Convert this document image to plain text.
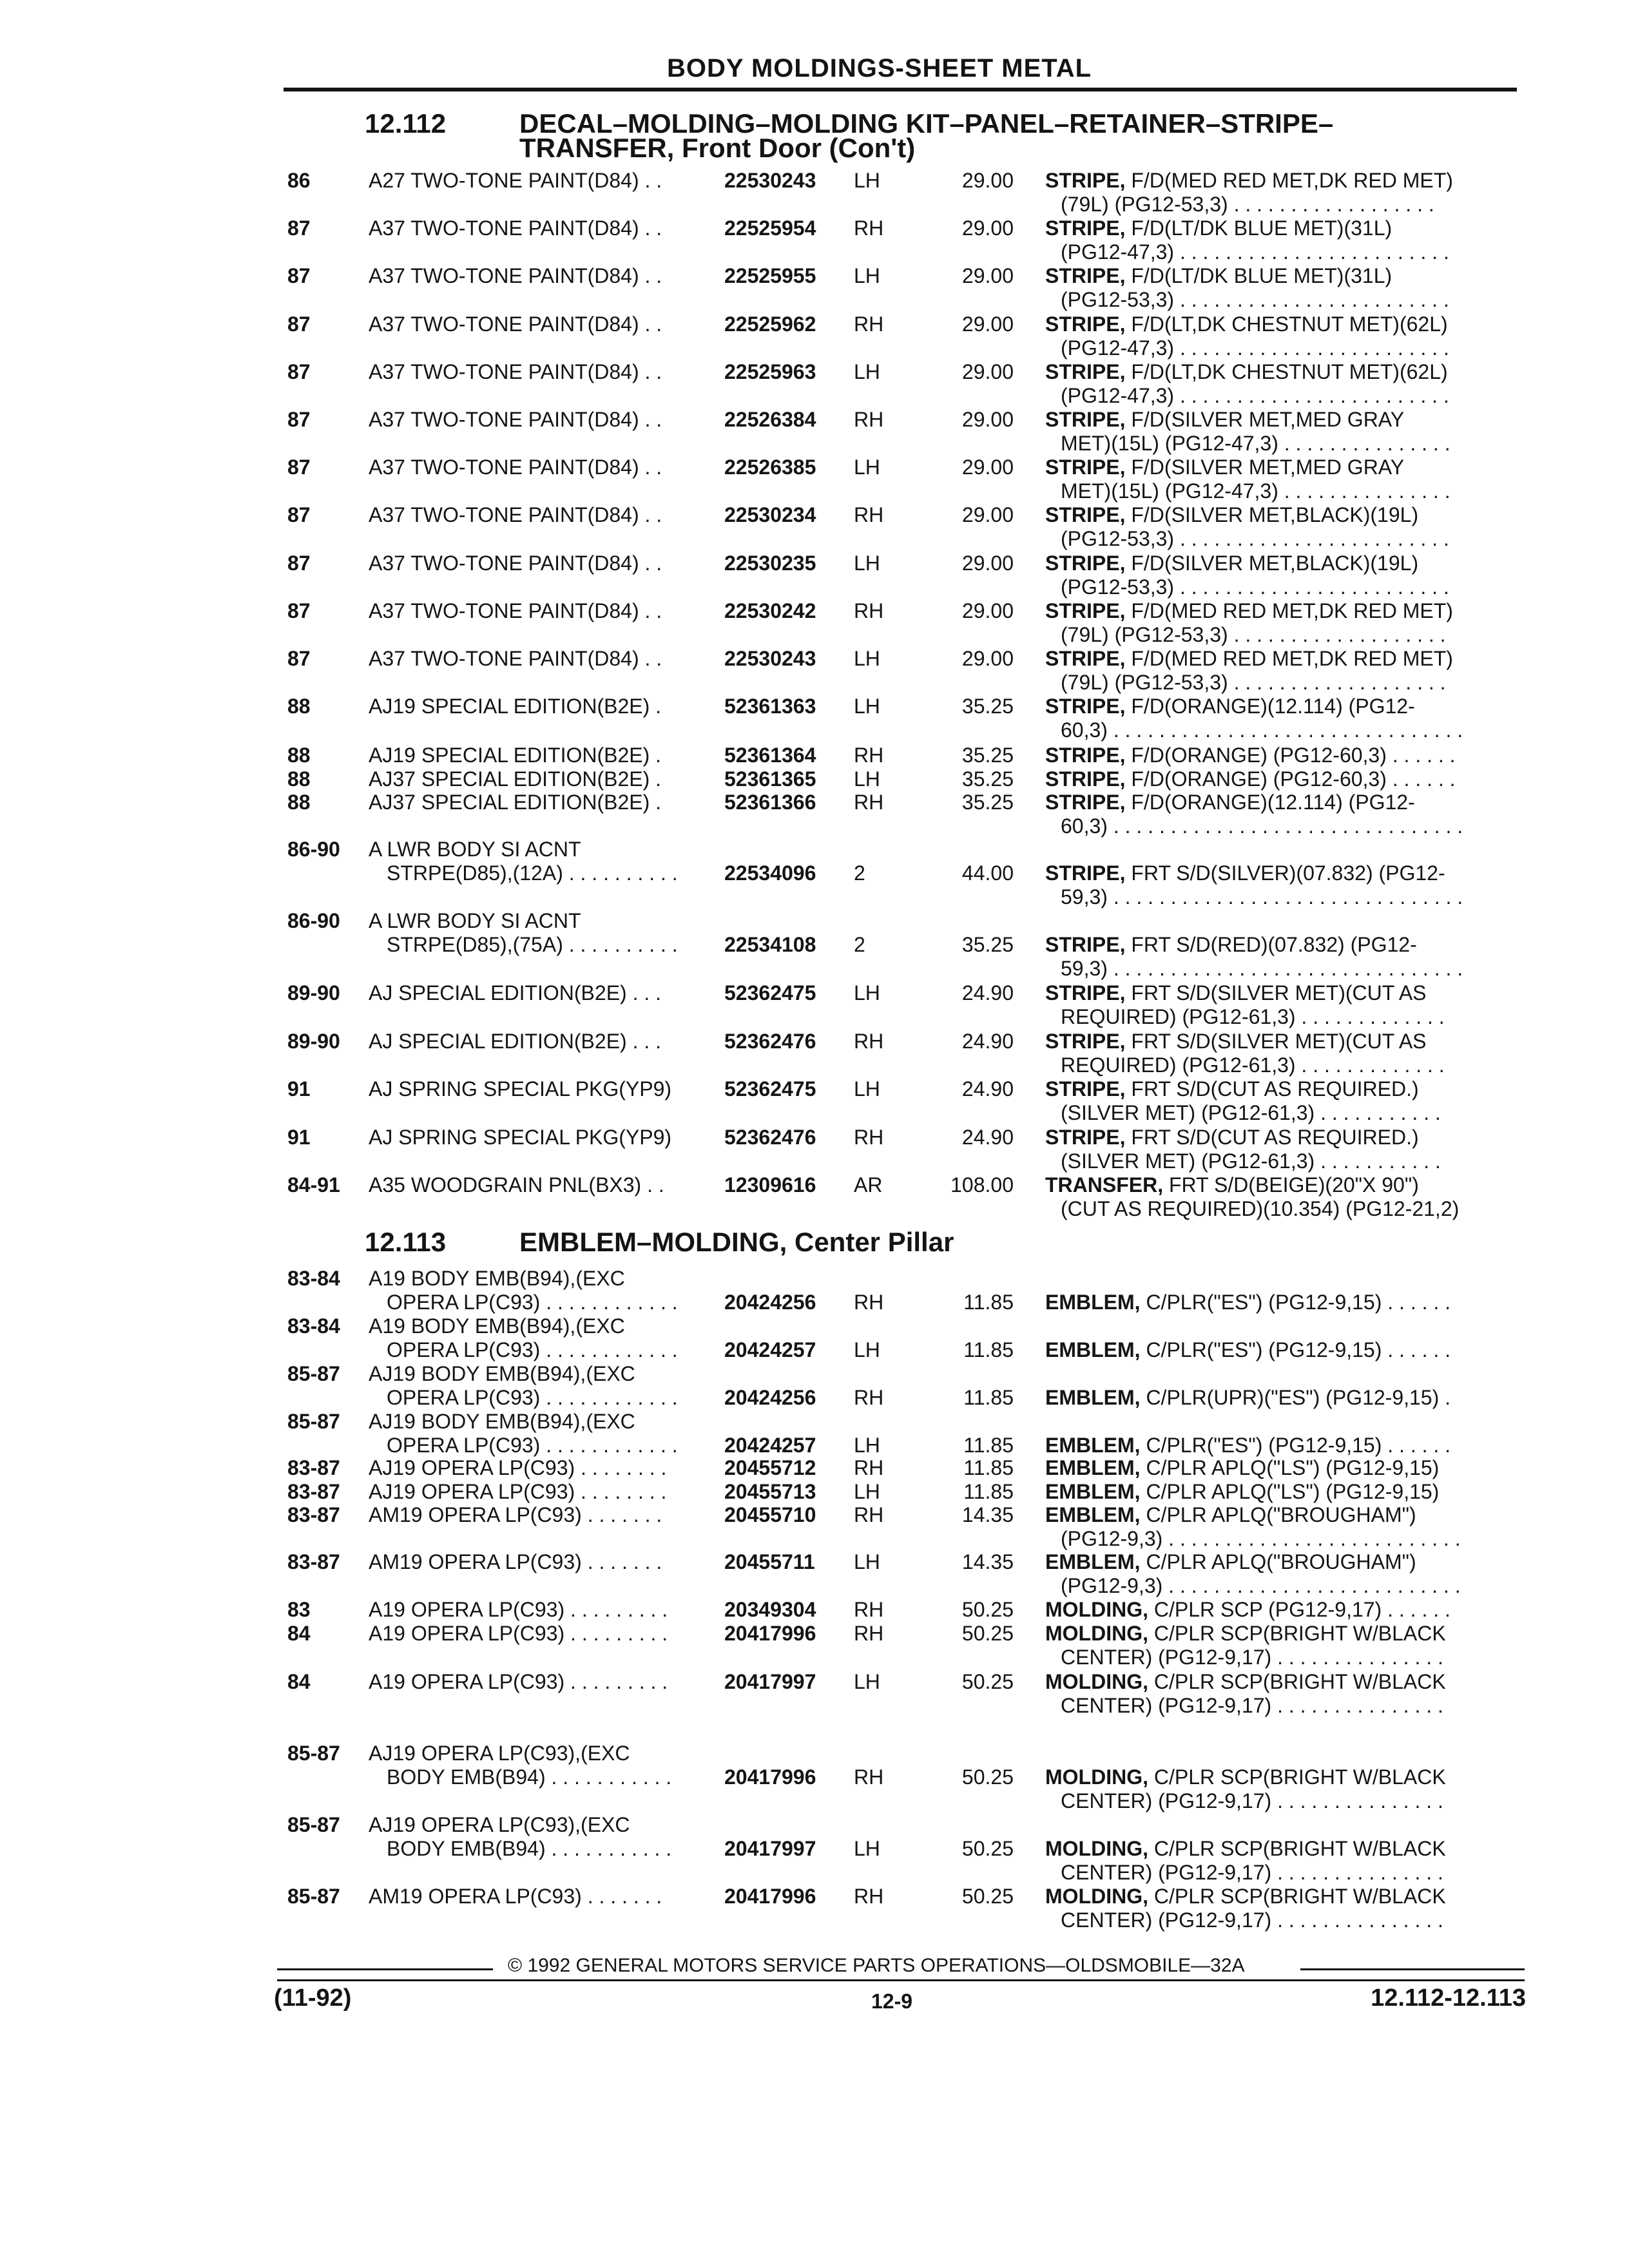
BODY MOLDINGS-SHEET METAL
12.112	DECAL–MOLDING–MOLDING KIT–PANEL–RETAINER–STRIPE–
TRANSFER, Front Door (Con't)
86	A27 TWO-TONE PAINT(D84) . .	22530243 LH	29.00 STRIPE, F/D(MED RED MET,DK RED MET)
(79L) (PG12-53,3) . . . . . . . . . . . . . . . . . .
87	A37 TWO-TONE PAINT(D84) . .	22525954 RH	29.00 STRIPE, F/D(LT/DK BLUE MET)(31L)
(PG12-47,3) . . . . . . . . . . . . . . . . . . . . . . . .
87	A37 TWO-TONE PAINT(D84) . .	22525955 LH	29.00 STRIPE, F/D(LT/DK BLUE MET)(31L)
(PG12-53,3) . . . . . . . . . . . . . . . . . . . . . . . .
87	A37 TWO-TONE PAINT(D84) . .	22525962 RH	29.00 STRIPE, F/D(LT,DK CHESTNUT MET)(62L)
(PG12-47,3) . . . . . . . . . . . . . . . . . . . . . . . .
87	A37 TWO-TONE PAINT(D84) . .	22525963 LH	29.00 STRIPE, F/D(LT,DK CHESTNUT MET)(62L)
(PG12-47,3) . . . . . . . . . . . . . . . . . . . . . . . .
87	A37 TWO-TONE PAINT(D84) . .	22526384 RH	29.00 STRIPE, F/D(SILVER MET,MED GRAY
MET)(15L) (PG12-47,3) . . . . . . . . . . . . . . .
87	A37 TWO-TONE PAINT(D84) . .	22526385 LH	29.00 STRIPE, F/D(SILVER MET,MED GRAY
MET)(15L) (PG12-47,3) . . . . . . . . . . . . . . .
87	A37 TWO-TONE PAINT(D84) . .	22530234 RH	29.00 STRIPE, F/D(SILVER MET,BLACK)(19L)
(PG12-53,3) . . . . . . . . . . . . . . . . . . . . . . . .
87	A37 TWO-TONE PAINT(D84) . .	22530235 LH	29.00 STRIPE, F/D(SILVER MET,BLACK)(19L)
(PG12-53,3) . . . . . . . . . . . . . . . . . . . . . . . .
87	A37 TWO-TONE PAINT(D84) . .	22530242 RH	29.00 STRIPE, F/D(MED RED MET,DK RED MET)
(79L) (PG12-53,3) . . . . . . . . . . . . . . . . . . .
87	A37 TWO-TONE PAINT(D84) . .	22530243 LH	29.00 STRIPE, F/D(MED RED MET,DK RED MET)
(79L) (PG12-53,3) . . . . . . . . . . . . . . . . . . .
88	AJ19 SPECIAL EDITION(B2E) .	52361363 LH	35.25 STRIPE, F/D(ORANGE)(12.114) (PG12-
60,3) . . . . . . . . . . . . . . . . . . . . . . . . . . . . . . .
88	AJ19 SPECIAL EDITION(B2E) .	52361364 RH	35.25 STRIPE, F/D(ORANGE) (PG12-60,3) . . . . . .
88	AJ37 SPECIAL EDITION(B2E) .	52361365 LH	35.25 STRIPE, F/D(ORANGE) (PG12-60,3) . . . . . .
88	AJ37 SPECIAL EDITION(B2E) .	52361366 RH	35.25 STRIPE, F/D(ORANGE)(12.114) (PG12-
60,3) . . . . . . . . . . . . . . . . . . . . . . . . . . . . . . .
86-90 A LWR BODY SI ACNT
STRPE(D85),(12A) . . . . . . . . . . 22534096 2	44.00 STRIPE, FRT S/D(SILVER)(07.832) (PG12-
59,3) . . . . . . . . . . . . . . . . . . . . . . . . . . . . . . .
86-90 A LWR BODY SI ACNT
STRPE(D85),(75A) . . . . . . . . . . 22534108 2	35.25 STRIPE, FRT S/D(RED)(07.832) (PG12-
59,3) . . . . . . . . . . . . . . . . . . . . . . . . . . . . . . .
89-90 AJ SPECIAL EDITION(B2E) . . .	52362475 LH	24.90 STRIPE, FRT S/D(SILVER MET)(CUT AS
REQUIRED) (PG12-61,3) . . . . . . . . . . . . .
89-90 AJ SPECIAL EDITION(B2E) . . .	52362476 RH	24.90 STRIPE, FRT S/D(SILVER MET)(CUT AS
REQUIRED) (PG12-61,3) . . . . . . . . . . . . .
91	AJ SPRING SPECIAL PKG(YP9)	52362475 LH	24.90 STRIPE, FRT S/D(CUT AS REQUIRED.)
(SILVER MET) (PG12-61,3) . . . . . . . . . . .
91	AJ SPRING SPECIAL PKG(YP9)	52362476 RH	24.90 STRIPE, FRT S/D(CUT AS REQUIRED.)
(SILVER MET) (PG12-61,3) . . . . . . . . . . .
84-91 A35 WOODGRAIN PNL(BX3) . .	12309616 AR	108.00 TRANSFER, FRT S/D(BEIGE)(20"X 90")
(CUT AS REQUIRED)(10.354) (PG12-21,2)
12.113	EMBLEM–MOLDING, Center Pillar
83-84 A19 BODY EMB(B94),(EXC
OPERA LP(C93) . . . . . . . . . . . . 20424256 RH	11.85 EMBLEM, C/PLR("ES") (PG12-9,15) . . . . . .
83-84 A19 BODY EMB(B94),(EXC
OPERA LP(C93) . . . . . . . . . . . . 20424257 LH	11.85 EMBLEM, C/PLR("ES") (PG12-9,15) . . . . . .
85-87 AJ19 BODY EMB(B94),(EXC
OPERA LP(C93) . . . . . . . . . . . . 20424256 RH	11.85 EMBLEM, C/PLR(UPR)("ES") (PG12-9,15) .
85-87 AJ19 BODY EMB(B94),(EXC
OPERA LP(C93) . . . . . . . . . . . . 20424257 LH	11.85 EMBLEM, C/PLR("ES") (PG12-9,15) . . . . . .
83-87 AJ19 OPERA LP(C93) . . . . . . . .	20455712 RH	11.85 EMBLEM, C/PLR APLQ("LS") (PG12-9,15)
83-87 AJ19 OPERA LP(C93) . . . . . . . .	20455713 LH	11.85 EMBLEM, C/PLR APLQ("LS") (PG12-9,15)
83-87 AM19 OPERA LP(C93) . . . . . . .	20455710 RH	14.35 EMBLEM, C/PLR APLQ("BROUGHAM")
(PG12-9,3) . . . . . . . . . . . . . . . . . . . . . . . . . .
83-87 AM19 OPERA LP(C93) . . . . . . .	20455711 LH	14.35 EMBLEM, C/PLR APLQ("BROUGHAM")
(PG12-9,3) . . . . . . . . . . . . . . . . . . . . . . . . . .
83	A19 OPERA LP(C93) . . . . . . . . .	20349304 RH	50.25 MOLDING, C/PLR SCP (PG12-9,17) . . . . . .
84	A19 OPERA LP(C93) . . . . . . . . .	20417996 RH	50.25 MOLDING, C/PLR SCP(BRIGHT W/BLACK
CENTER) (PG12-9,17) . . . . . . . . . . . . . . .
84	A19 OPERA LP(C93) . . . . . . . . .	20417997 LH	50.25 MOLDING, C/PLR SCP(BRIGHT W/BLACK
CENTER) (PG12-9,17) . . . . . . . . . . . . . . .
85-87 AJ19 OPERA LP(C93),(EXC
BODY EMB(B94) . . . . . . . . . . .	20417996 RH	50.25 MOLDING, C/PLR SCP(BRIGHT W/BLACK
CENTER) (PG12-9,17) . . . . . . . . . . . . . . .
85-87 AJ19 OPERA LP(C93),(EXC
BODY EMB(B94) . . . . . . . . . . .	20417997 LH	50.25 MOLDING, C/PLR SCP(BRIGHT W/BLACK
CENTER) (PG12-9,17) . . . . . . . . . . . . . . .
85-87 AM19 OPERA LP(C93) . . . . . . .	20417996 RH	50.25 MOLDING, C/PLR SCP(BRIGHT W/BLACK
CENTER) (PG12-9,17) . . . . . . . . . . . . . . .
© 1992 GENERAL MOTORS SERVICE PARTS OPERATIONS—OLDSMOBILE—32A
(11-92)	12-9	12.112-12.113
